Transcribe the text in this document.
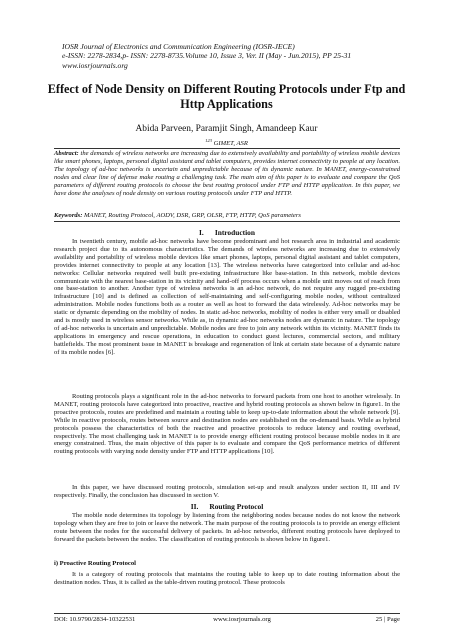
IOSR Journal of Electronics and Communication Engineering (IOSR-JECE)
e-ISSN: 2278-2834,p- ISSN: 2278-8735.Volume 10, Issue 3, Ver. II (May - Jun.2015), PP 25-31
www.iosrjournals.org
Effect of Node Density on Different Routing Protocols under Ftp and Http Applications
Abida Parveen, Paramjit Singh, Amandeep Kaur
$^{123}$ GIMET, ASR
Abstract: the demands of wireless networks are increasing due to extensively availability and portability of wireless mobile devices like smart phones, laptops, personal digital assistant and tablet computers, provides internet connectivity to people at any location. The topology of ad-hoc networks is uncertain and unpredictable because of its dynamic nature. In MANET, energy-constrained nodes and clear line of defense make routing a challenging task. The main aim of this paper is to evaluate and compare the QoS parameters of different routing protocols to choose the best routing protocol under FTP and HTTP application. In this paper, we have done the analyses of node density on various routing protocols under FTP and HTTP.
Keywords: MANET, Routing Protocol, AODV, DSR, GRP, OLSR, FTP, HTTP, QoS parameters
I.      Introduction
In twentieth century, mobile ad-hoc networks have become predominant and hot research area in industrial and academic research project due to its autonomous characteristics. The demands of wireless networks are increasing due to extensively availability and portability of wireless mobile devices like smart phones, laptops, personal digital assistant and tablet computers, provides internet connectivity to people at any location [13]. The wireless networks have categorized into cellular and ad-hoc networks: Cellular networks required well built pre-existing infrastructure like base-station. In this network, mobile devices communicate with the nearest base-station in its vicinity and hand-off process occurs when a mobile unit moves out of reach from one base-station to another. Another type of wireless networks is an ad-hoc network, do not require any rugged pre-existing infrastructure [10] and is defined as collection of self-maintaining and self-configuring mobile nodes, without centralized administration. Mobile nodes functions both as a router as well as host to forward the data wirelessly. Ad-hoc networks may be static or dynamic depending on the mobility of nodes. In static ad-hoc networks, mobility of nodes is either very small or disabled and is mostly used in wireless sensor networks. While as, in dynamic ad-hoc networks nodes are dynamic in nature. The topology of ad-hoc networks is uncertain and unpredictable. Mobile nodes are free to join any network within its vicinity. MANET finds its applications in emergency and rescue operations, in education to conduct guest lectures, commercial sectors, and military battlefields. The most prominent issue in MANET is breakage and regeneration of link at certain state because of a dynamic nature of its mobile nodes [6].
Routing protocols plays a significant role in the ad-hoc networks to forward packets from one host to another wirelessly. In MANET, routing protocols have categorized into proactive, reactive and hybrid routing protocols as shown below in figure1. In the proactive protocols, routes are predefined and maintain a routing table to keep up-to-date information about the whole network [9]. While in reactive protocols, routes between source and destination nodes are established on the on-demand basis. While as hybrid protocols possess the characteristics of both the reactive and proactive protocols to reduce latency and routing overhead, respectively. The most challenging task in MANET is to provide energy efficient routing protocol because mobile nodes in it are energy constrained. Thus, the main objective of this paper is to evaluate and compare the QoS performance metrics of different routing protocols with varying node density under FTP and HTTP applications [10].
In this paper, we have discussed routing protocols, simulation set-up and result analyzes under section II, III and IV respectively. Finally, the conclusion has discussed in section V.
II.      Routing Protocol
The mobile node determines its topology by listening from the neighboring nodes because nodes do not know the network topology when they are free to join or leave the network. The main purpose of the routing protocols is to provide an energy efficient route between the nodes for the successful delivery of packets. In ad-hoc networks, different routing protocols have deployed to forward the packets between the nodes. The classification of routing protocols is shown below in figure1.
i) Proactive Routing Protocol
It is a category of routing protocols that maintains the routing table to keep up to date routing information about the destination nodes. Thus, it is called as the table-driven routing protocol. These protocols
DOI: 10.9790/2834-10322531	www.iosrjournals.org	25 | Page
